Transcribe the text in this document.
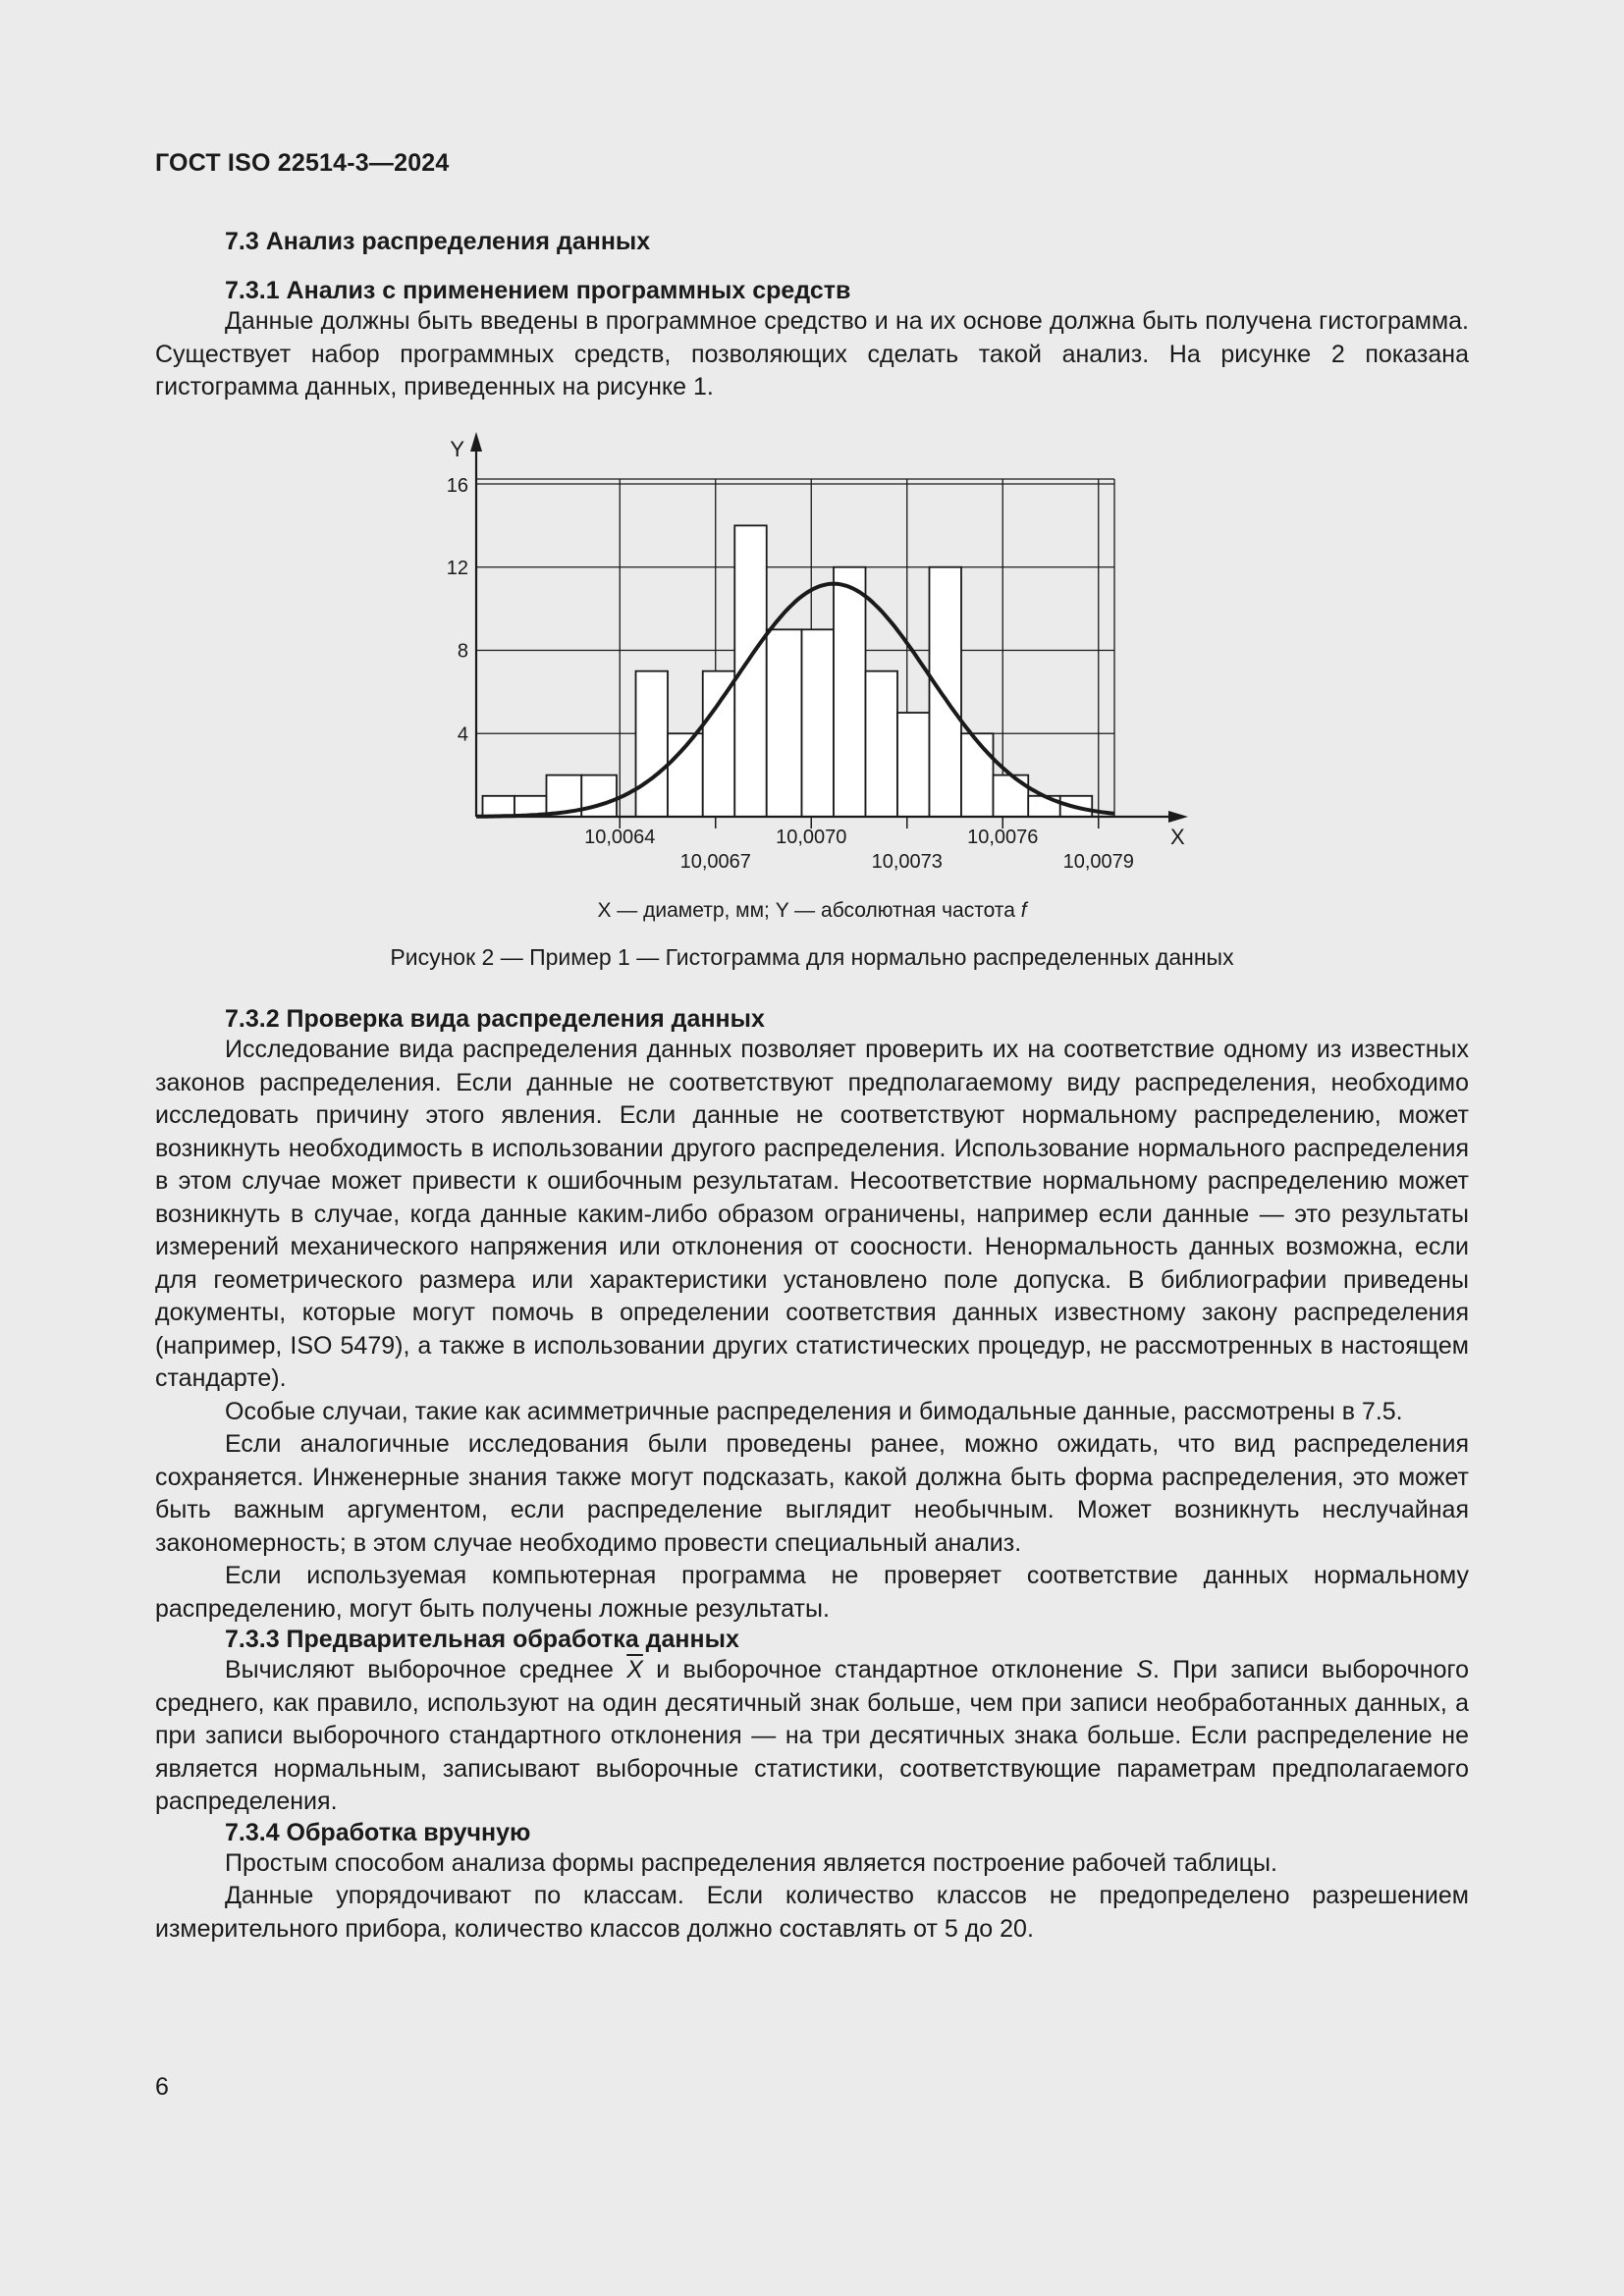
ГОСТ ISO 22514-3—2024
7.3 Анализ распределения данных
7.3.1 Анализ с применением программных средств

Данные должны быть введены в программное средство и на их основе должна быть получена гистограмма. Существует набор программных средств, позволяющих сделать такой анализ. На рисунке 2 показана гистограмма данных, приведенных на рисунке 1.

Y
X
4
8
12
16
10,0064
10,0067
10,0070
10,0073
10,0076
10,0079
X — диаметр, мм; Y — абсолютная частота f
Рисунок 2 — Пример 1 — Гистограмма для нормально распределенных данных
7.3.2 Проверка вида распределения данных

Исследование вида распределения данных позволяет проверить их на соответствие одному из известных законов распределения. Если данные не соответствуют предполагаемому виду распределения, необходимо исследовать причину этого явления. Если данные не соответствуют нормальному распределению, может возникнуть необходимость в использовании другого распределения. Использование нормального распределения в этом случае может привести к ошибочным результатам. Несоответствие нормальному распределению может возникнуть в случае, когда данные каким-либо образом ограничены, например если данные — это результаты измерений механического напряжения или отклонения от соосности. Ненормальность данных возможна, если для геометрического размера или характеристики установлено поле допуска. В библиографии приведены документы, которые могут помочь в определении соответствия данных известному закону распределения (например, ISO 5479), а также в использовании других статистических процедур, не рассмотренных в настоящем стандарте).

Особые случаи, такие как асимметричные распределения и бимодальные данные, рассмотрены в 7.5.

Если аналогичные исследования были проведены ранее, можно ожидать, что вид распределения сохраняется. Инженерные знания также могут подсказать, какой должна быть форма распределения, это может быть важным аргументом, если распределение выглядит необычным. Может возникнуть неслучайная закономерность; в этом случае необходимо провести специальный анализ.

Если используемая компьютерная программа не проверяет соответствие данных нормальному распределению, могут быть получены ложные результаты.

7.3.3 Предварительная обработка данных

Вычисляют выборочное среднее $\overline{X}$ и выборочное стандартное отклонение S. При записи выборочного среднего, как правило, используют на один десятичный знак больше, чем при записи необработанных данных, а при записи выборочного стандартного отклонения — на три десятичных знака больше. Если распределение не является нормальным, записывают выборочные статистики, соответствующие параметрам предполагаемого распределения.

7.3.4 Обработка вручную

Простым способом анализа формы распределения является построение рабочей таблицы.

Данные упорядочивают по классам. Если количество классов не предопределено разрешением измерительного прибора, количество классов должно составлять от 5 до 20.

6
